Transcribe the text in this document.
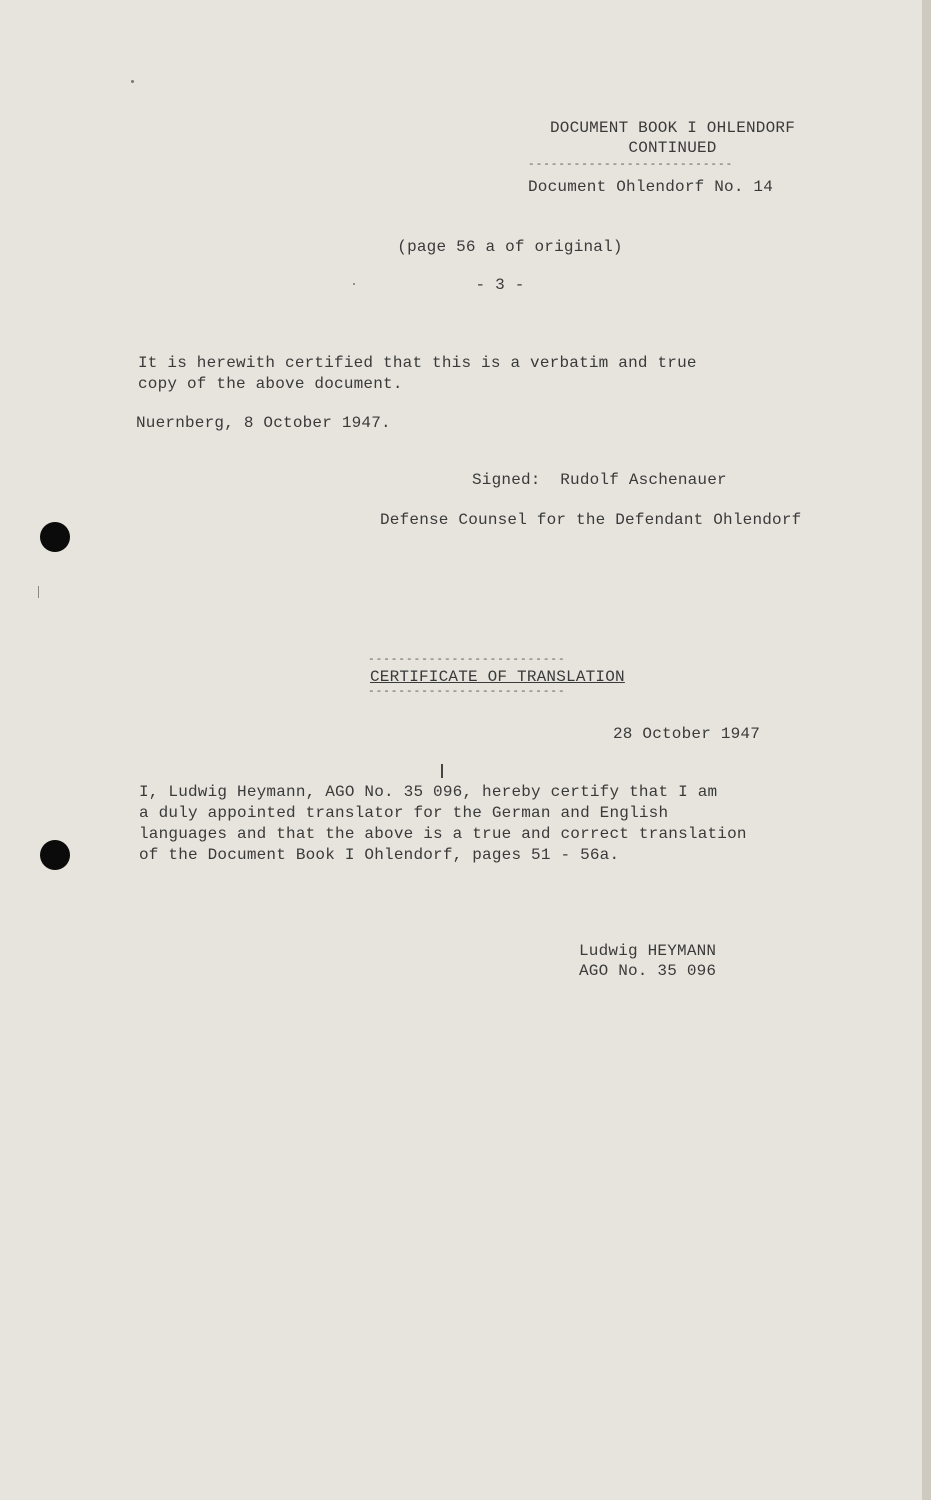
DOCUMENT BOOK I OHLENDORF
CONTINUED
---------------------------
Document Ohlendorf No. 14
(page 56 a of original)
- 3 -
It is herewith certified that this is a verbatim and true
copy of the above document.
Nuernberg, 8 October 1947.
Signed:  Rudolf Aschenauer
Defense Counsel for the Defendant Ohlendorf
--------------------------
CERTIFICATE OF TRANSLATION
--------------------------
28 October 1947
I, Ludwig Heymann, AGO No. 35 096, hereby certify that I am
a duly appointed translator for the German and English
languages and that the above is a true and correct translation
of the Document Book I Ohlendorf, pages 51 - 56a.
Ludwig HEYMANN
AGO No. 35 096
